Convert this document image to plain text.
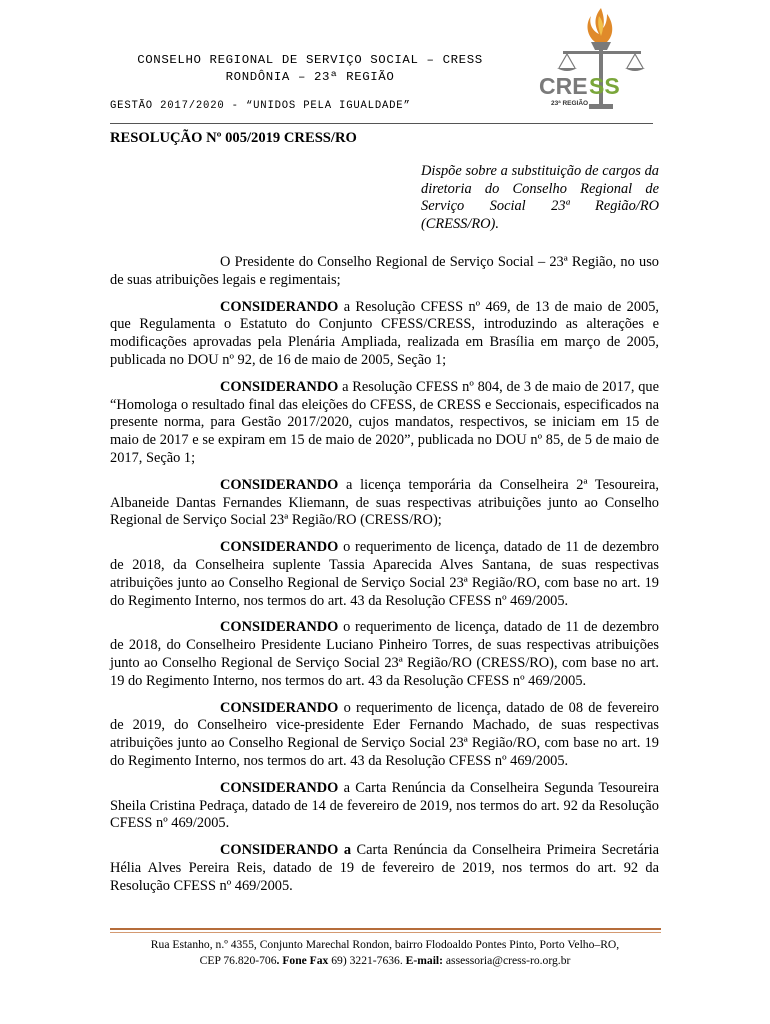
CONSELHO REGIONAL DE SERVIÇO SOCIAL – CRESS
RONDÔNIA – 23ª REGIÃO
GESTÃO 2017/2020 - “UNIDOS PELA IGUALDADE”
CRE SS
23ª REGIÃO
RESOLUÇÃO Nº 005/2019 CRESS/RO
Dispõe sobre a substituição de cargos da diretoria do Conselho Regional de Serviço Social 23ª Região/RO (CRESS/RO).

O Presidente do Conselho Regional de Serviço Social – 23ª Região, no uso de suas atribuições legais e regimentais;

CONSIDERANDO a Resolução CFESS nº 469, de 13 de maio de 2005, que Regulamenta o Estatuto do Conjunto CFESS/CRESS, introduzindo as alterações e modificações aprovadas pela Plenária Ampliada, realizada em Brasília em março de 2005, publicada no DOU nº 92, de 16 de maio de 2005, Seção 1;

CONSIDERANDO a Resolução CFESS nº 804, de 3 de maio de 2017, que “Homologa o resultado final das eleições do CFESS, de CRESS e Seccionais, especificados na presente norma, para Gestão 2017/2020, cujos mandatos, respectivos, se iniciam em 15 de maio de 2017 e se expiram em 15 de maio de 2020”, publicada no DOU nº 85, de 5 de maio de 2017, Seção 1;

CONSIDERANDO a licença temporária da Conselheira 2ª Tesoureira, Albaneide Dantas Fernandes Kliemann, de suas respectivas atribuições junto ao Conselho Regional de Serviço Social 23ª Região/RO (CRESS/RO);

CONSIDERANDO o requerimento de licença, datado de 11 de dezembro de 2018, da Conselheira suplente Tassia Aparecida Alves Santana, de suas respectivas atribuições junto ao Conselho Regional de Serviço Social 23ª Região/RO, com base no art. 19 do Regimento Interno, nos termos do art. 43 da Resolução CFESS nº 469/2005.

CONSIDERANDO o requerimento de licença, datado de 11 de dezembro de 2018, do Conselheiro Presidente Luciano Pinheiro Torres, de suas respectivas atribuições junto ao Conselho Regional de Serviço Social 23ª Região/RO (CRESS/RO), com base no art. 19 do Regimento Interno, nos termos do art. 43 da Resolução CFESS nº 469/2005.

CONSIDERANDO o requerimento de licença, datado de 08 de fevereiro de 2019, do Conselheiro vice-presidente Eder Fernando Machado, de suas respectivas atribuições junto ao Conselho Regional de Serviço Social 23ª Região/RO, com base no art. 19 do Regimento Interno, nos termos do art. 43 da Resolução CFESS nº 469/2005.

CONSIDERANDO a Carta Renúncia da Conselheira Segunda Tesoureira Sheila Cristina Pedraça, datado de 14 de fevereiro de 2019, nos termos do art. 92 da Resolução CFESS nº 469/2005.

CONSIDERANDO a Carta Renúncia da Conselheira Primeira Secretária Hélia Alves Pereira Reis, datado de 19 de fevereiro de 2019, nos termos do art. 92 da Resolução CFESS nº 469/2005.

Rua Estanho, n.º 4355, Conjunto Marechal Rondon, bairro Flodoaldo Pontes Pinto, Porto Velho–RO,
CEP 76.820-706. Fone Fax 69) 3221-7636. E-mail: assessoria@cress-ro.org.br
